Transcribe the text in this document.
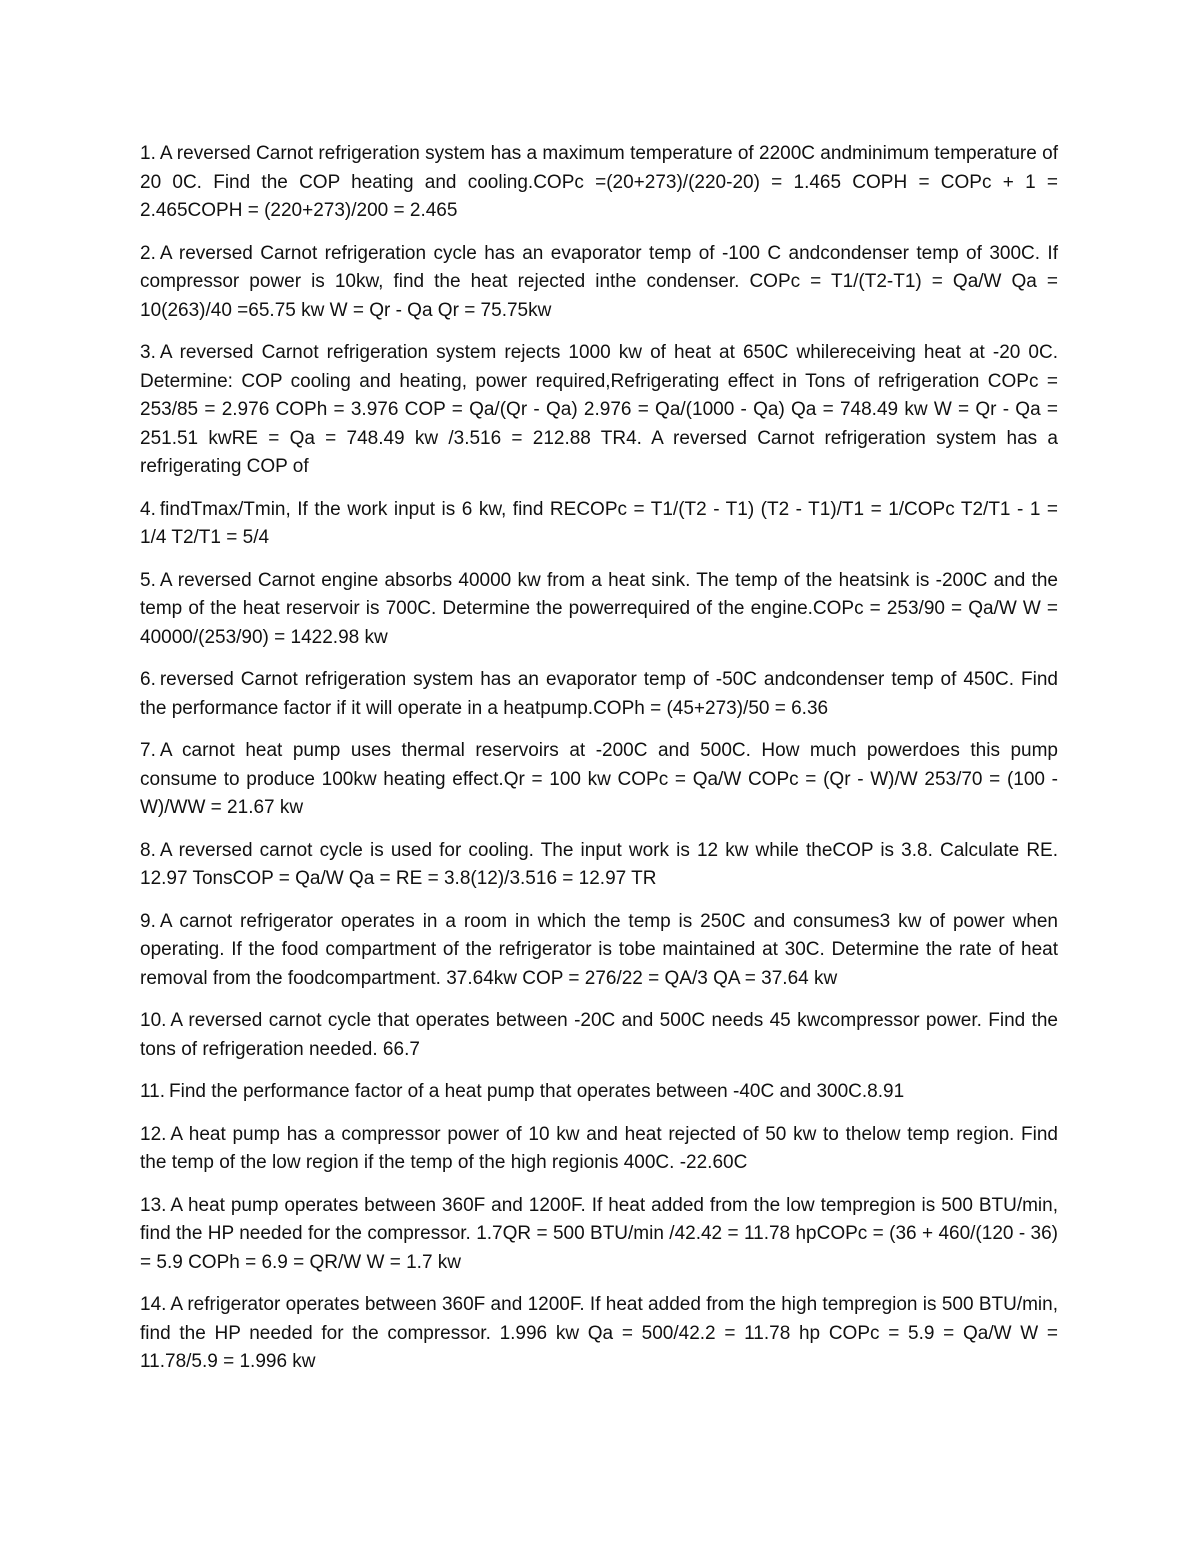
1. A reversed Carnot refrigeration system has a maximum temperature of 2200C andminimum temperature of 20 0C. Find the COP heating and cooling.COPc =(20+273)/(220-20) = 1.465 COPH = COPc + 1 = 2.465COPH = (220+273)/200 = 2.465

2. A reversed Carnot refrigeration cycle has an evaporator temp of -100 C andcondenser temp of 300C. If compressor power is 10kw, find the heat rejected inthe condenser. COPc = T1/(T2-T1) = Qa/W Qa = 10(263)/40 =65.75 kw W = Qr - Qa Qr = 75.75kw

3. A reversed Carnot refrigeration system rejects 1000 kw of heat at 650C whilereceiving heat at -20 0C. Determine: COP cooling and heating, power required,Refrigerating effect in Tons of refrigeration COPc = 253/85 = 2.976 COPh = 3.976 COP = Qa/(Qr - Qa) 2.976 = Qa/(1000 - Qa) Qa = 748.49 kw W = Qr - Qa = 251.51 kwRE = Qa = 748.49 kw /3.516 = 212.88 TR4. A reversed Carnot refrigeration system has a refrigerating COP of

4. findTmax/Tmin, If the work input is 6 kw, find RECOPc = T1/(T2 - T1) (T2 - T1)/T1 = 1/COPc T2/T1 - 1 = 1/4 T2/T1 = 5/4

5. A reversed Carnot engine absorbs 40000 kw from a heat sink. The temp of the heatsink is -200C and the temp of the heat reservoir is 700C. Determine the powerrequired of the engine.COPc = 253/90 = Qa/W W = 40000/(253/90) = 1422.98 kw

6. reversed Carnot refrigeration system has an evaporator temp of -50C andcondenser temp of 450C. Find the performance factor if it will operate in a heatpump.COPh = (45+273)/50 = 6.36

7. A carnot heat pump uses thermal reservoirs at -200C and 500C. How much powerdoes this pump consume to produce 100kw heating effect.Qr = 100 kw COPc = Qa/W COPc = (Qr - W)/W 253/70 = (100 - W)/WW = 21.67 kw

8. A reversed carnot cycle is used for cooling. The input work is 12 kw while theCOP is 3.8. Calculate RE. 12.97 TonsCOP = Qa/W Qa = RE = 3.8(12)/3.516 = 12.97 TR

9. A carnot refrigerator operates in a room in which the temp is 250C and consumes3 kw of power when operating. If the food compartment of the refrigerator is tobe maintained at 30C. Determine the rate of heat removal from the foodcompartment. 37.64kw COP = 276/22 = QA/3 QA = 37.64 kw

10. A reversed carnot cycle that operates between -20C and 500C needs 45 kwcompressor power. Find the tons of refrigeration needed. 66.7

11. Find the performance factor of a heat pump that operates between -40C and 300C.8.91

12. A heat pump has a compressor power of 10 kw and heat rejected of 50 kw to thelow temp region. Find the temp of the low region if the temp of the high regionis 400C. -22.60C

13. A heat pump operates between 360F and 1200F. If heat added from the low tempregion is 500 BTU/min, find the HP needed for the compressor. 1.7QR = 500 BTU/min /42.42 = 11.78 hpCOPc = (36 + 460/(120 - 36) = 5.9 COPh = 6.9 = QR/W W = 1.7 kw

14. A refrigerator operates between 360F and 1200F. If heat added from the high tempregion is 500 BTU/min, find the HP needed for the compressor. 1.996 kw Qa = 500/42.2 = 11.78 hp COPc = 5.9 = Qa/W W = 11.78/5.9 = 1.996 kw
